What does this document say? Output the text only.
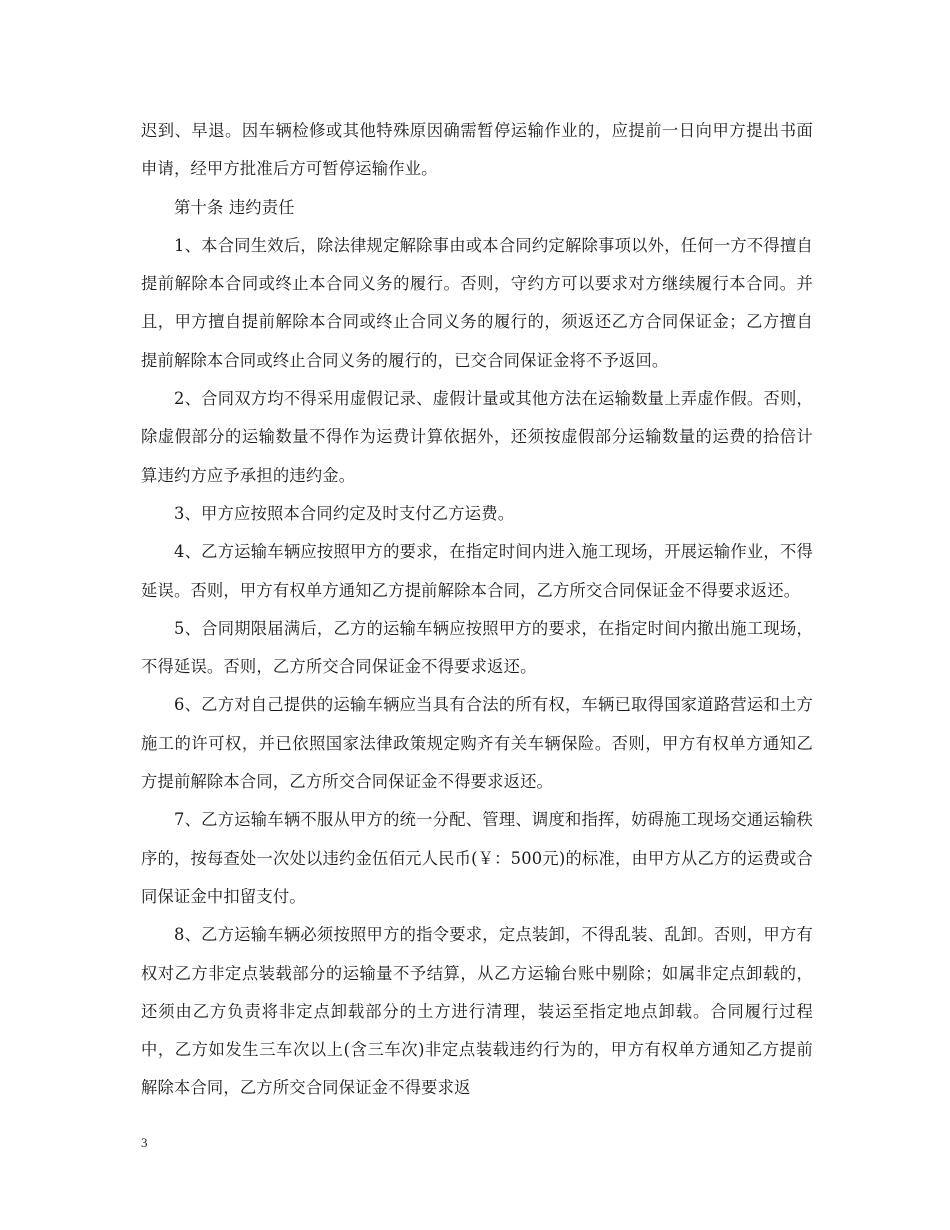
迟到、早退。因车辆检修或其他特殊原因确需暂停运输作业的，应提前一日向甲方提出书面申请，经甲方批准后方可暂停运输作业。

第十条 违约责任

1、本合同生效后，除法律规定解除事由或本合同约定解除事项以外，任何一方不得擅自提前解除本合同或终止本合同义务的履行。否则，守约方可以要求对方继续履行本合同。并且，甲方擅自提前解除本合同或终止合同义务的履行的，须返还乙方合同保证金；乙方擅自提前解除本合同或终止合同义务的履行的，已交合同保证金将不予返回。

2、合同双方均不得采用虚假记录、虚假计量或其他方法在运输数量上弄虚作假。否则，除虚假部分的运输数量不得作为运费计算依据外，还须按虚假部分运输数量的运费的拾倍计算违约方应予承担的违约金。

3、甲方应按照本合同约定及时支付乙方运费。

4、乙方运输车辆应按照甲方的要求，在指定时间内进入施工现场，开展运输作业，不得延误。否则，甲方有权单方通知乙方提前解除本合同，乙方所交合同保证金不得要求返还。

5、合同期限届满后，乙方的运输车辆应按照甲方的要求，在指定时间内撤出施工现场，不得延误。否则，乙方所交合同保证金不得要求返还。

6、乙方对自己提供的运输车辆应当具有合法的所有权，车辆已取得国家道路营运和土方施工的许可权，并已依照国家法律政策规定购齐有关车辆保险。否则，甲方有权单方通知乙方提前解除本合同，乙方所交合同保证金不得要求返还。

7、乙方运输车辆不服从甲方的统一分配、管理、调度和指挥，妨碍施工现场交通运输秩序的，按每查处一次处以违约金伍佰元人民币(￥：500元)的标准，由甲方从乙方的运费或合同保证金中扣留支付。

8、乙方运输车辆必须按照甲方的指令要求，定点装卸，不得乱装、乱卸。否则，甲方有权对乙方非定点装载部分的运输量不予结算，从乙方运输台账中剔除；如属非定点卸载的，还须由乙方负责将非定点卸载部分的土方进行清理，装运至指定地点卸载。合同履行过程中，乙方如发生三车次以上(含三车次)非定点装载违约行为的，甲方有权单方通知乙方提前解除本合同，乙方所交合同保证金不得要求返

3
